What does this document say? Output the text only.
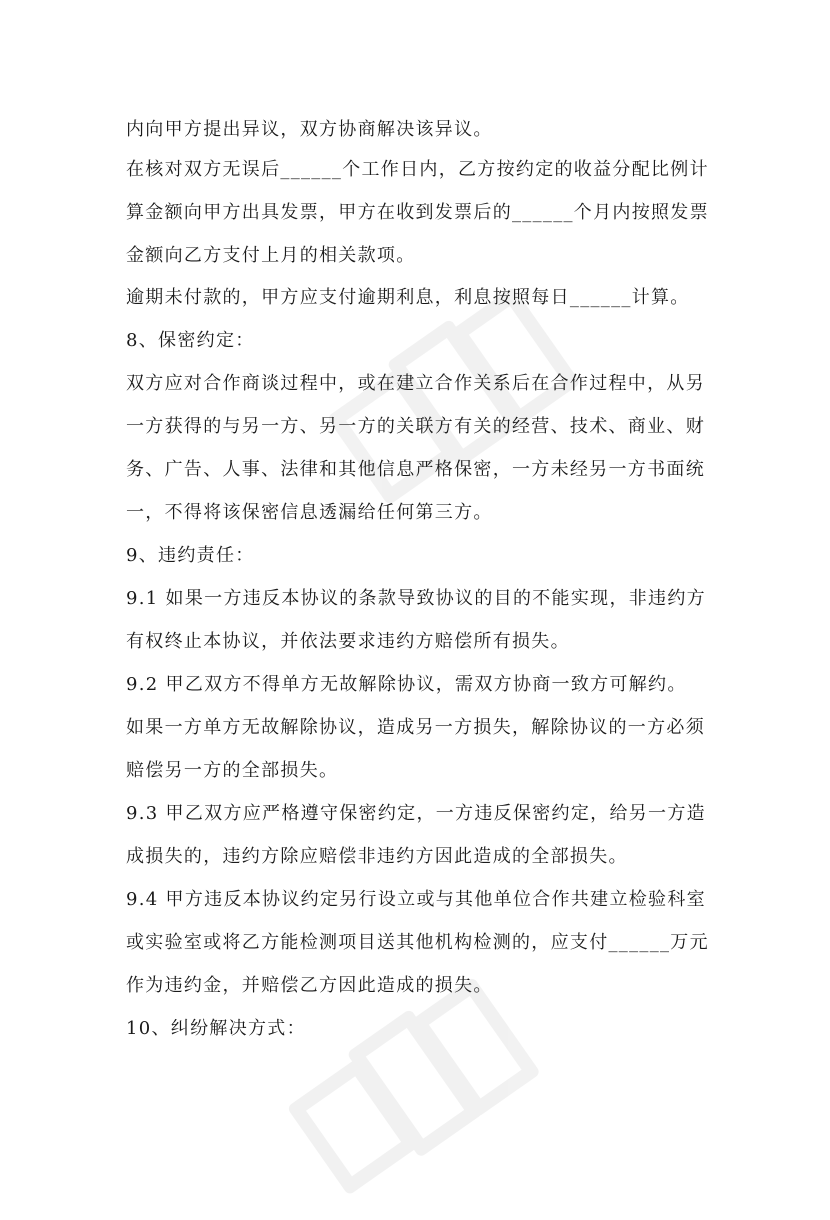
内向甲方提出异议，双方协商解决该异议。
在核对双方无误后______个工作日内，乙方按约定的收益分配比例计
算金额向甲方出具发票，甲方在收到发票后的______个月内按照发票
金额向乙方支付上月的相关款项。
逾期未付款的，甲方应支付逾期利息，利息按照每日______计算。
8、保密约定：
双方应对合作商谈过程中，或在建立合作关系后在合作过程中，从另
一方获得的与另一方、另一方的关联方有关的经营、技术、商业、财
务、广告、人事、法律和其他信息严格保密，一方未经另一方书面统
一，不得将该保密信息透漏给任何第三方。
9、违约责任：
9.1 如果一方违反本协议的条款导致协议的目的不能实现，非违约方
有权终止本协议，并依法要求违约方赔偿所有损失。
9.2 甲乙双方不得单方无故解除协议，需双方协商一致方可解约。
如果一方单方无故解除协议，造成另一方损失，解除协议的一方必须
赔偿另一方的全部损失。
9.3 甲乙双方应严格遵守保密约定，一方违反保密约定，给另一方造
成损失的，违约方除应赔偿非违约方因此造成的全部损失。
9.4 甲方违反本协议约定另行设立或与其他单位合作共建立检验科室
或实验室或将乙方能检测项目送其他机构检测的，应支付______万元
作为违约金，并赔偿乙方因此造成的损失。
10、纠纷解决方式：
